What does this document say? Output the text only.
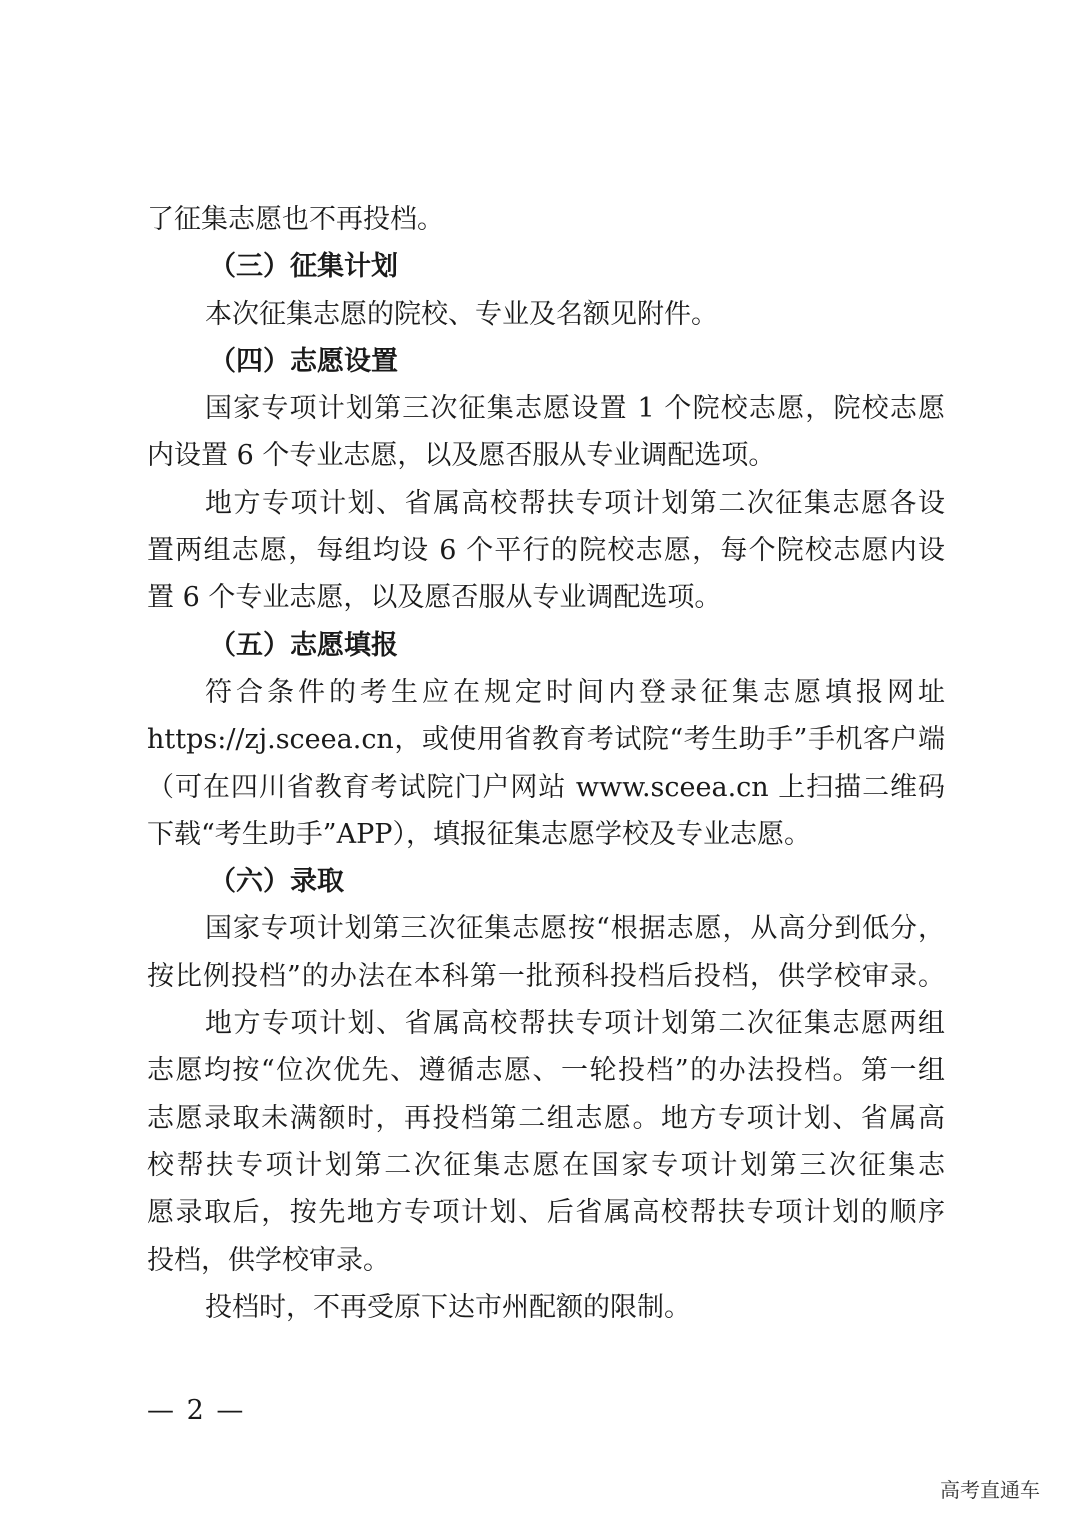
了征集志愿也不再投档。
（三）征集计划
本次征集志愿的院校、专业及名额见附件。
（四）志愿设置
国家专项计划第三次征集志愿设置 1 个院校志愿，院校志愿
内设置 6 个专业志愿，以及愿否服从专业调配选项。
地方专项计划、省属高校帮扶专项计划第二次征集志愿各设
置两组志愿，每组均设 6 个平行的院校志愿，每个院校志愿内设
置 6 个专业志愿，以及愿否服从专业调配选项。
（五）志愿填报
符合条件的考生应在规定时间内登录征集志愿填报网址
https://zj.sceea.cn，或使用省教育考试院“考生助手”手机客户端
（可在四川省教育考试院门户网站 www.sceea.cn 上扫描二维码
下载“考生助手”APP），填报征集志愿学校及专业志愿。
（六）录取
国家专项计划第三次征集志愿按“根据志愿，从高分到低分，
按比例投档”的办法在本科第一批预科投档后投档，供学校审录。
地方专项计划、省属高校帮扶专项计划第二次征集志愿两组
志愿均按“位次优先、遵循志愿、一轮投档”的办法投档。第一组
志愿录取未满额时，再投档第二组志愿。地方专项计划、省属高
校帮扶专项计划第二次征集志愿在国家专项计划第三次征集志
愿录取后，按先地方专项计划、后省属高校帮扶专项计划的顺序
投档，供学校审录。
投档时，不再受原下达市州配额的限制。
— 2 —
高考直通车
